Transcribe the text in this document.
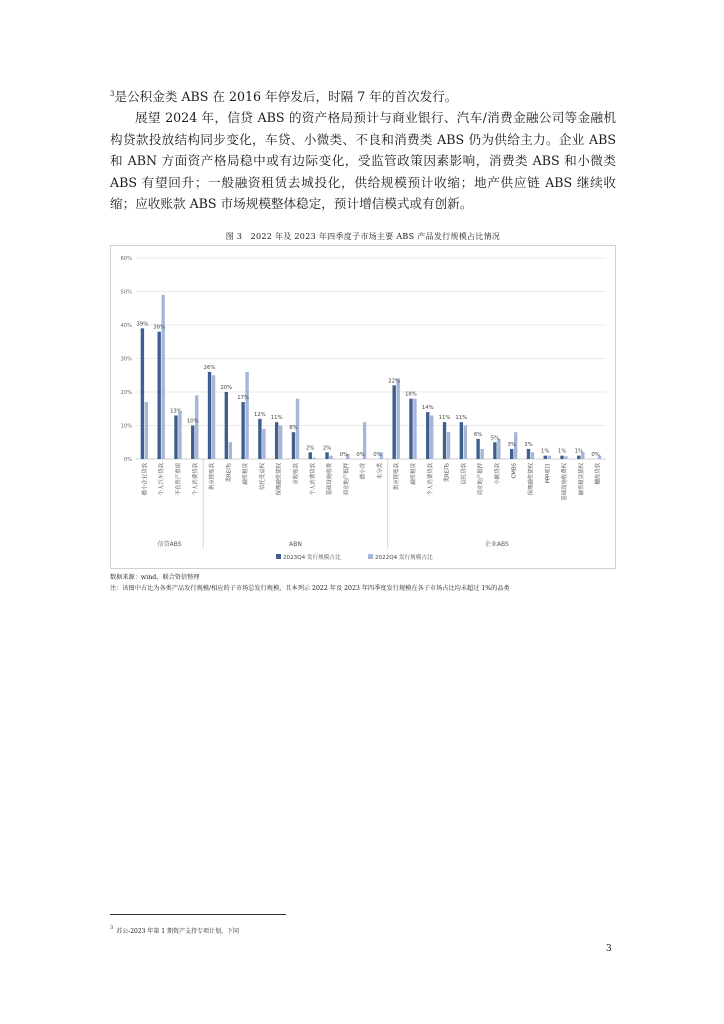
$^3$是公积金类 ABS 在 2016 年停发后，时隔 7 年的首次发行。

展望 2024 年，信贷 ABS 的资产格局预计与商业银行、汽车/消费金融公司等金融机构贷款投放结构同步变化，车贷、小微类、不良和消费类 ABS 仍为供给主力。企业 ABS 和 ABN 方面资产格局稳中或有边际变化，受监管政策因素影响，消费类 ABS 和小微类 ABS 有望回升；一般融资租赁去城投化，供给规模预计收缩；地产供应链 ABS 继续收缩；应收账款 ABS 市场规模整体稳定，预计增信模式或有创新。

图 3　2022 年及 2023 年四季度子市场主要 ABS 产品发行规模占比情况
0%
10%
20%
30%
40%
50%
60%
39%
38%
13%
10%
26%
20%
17%
12%
11%
8%
2% 2%
0% 0% 0%
22%
18%
14%
11% 11%
6%
5%
3% 3%
1% 1% 1%
0%
微小企业贷款	个人汽车贷款	不良资产重组	个人消费贷款	供应链账款	类REITs	融资租赁	信托受益权	保理融资债权	应收账款	个人消费贷款	基础设施收费	商业地产抵押	微小贷	未分类	供应链账款	融资租赁	个人消费贷款	类REITs	信托贷款	商业地产抵押	小额贷款 CMBS	保理融资债权	PPP项目	基础设施收费权	融资租赁债权	棚改贷款
信贷ABS	ABN	企业ABS
2023Q4 发行规模占比	2022Q4 发行规模占比
数据来源：wind，联合资信整理
注：该图中占比为各类产品发行规模/相应的子市场总发行规模，且本列示 2022 年及 2023 年四季度发行规模在各子市场占比均未超过 1%的品类
$^3$ 苏公-2023 年第 1 期资产支持专项计划，下同
3
